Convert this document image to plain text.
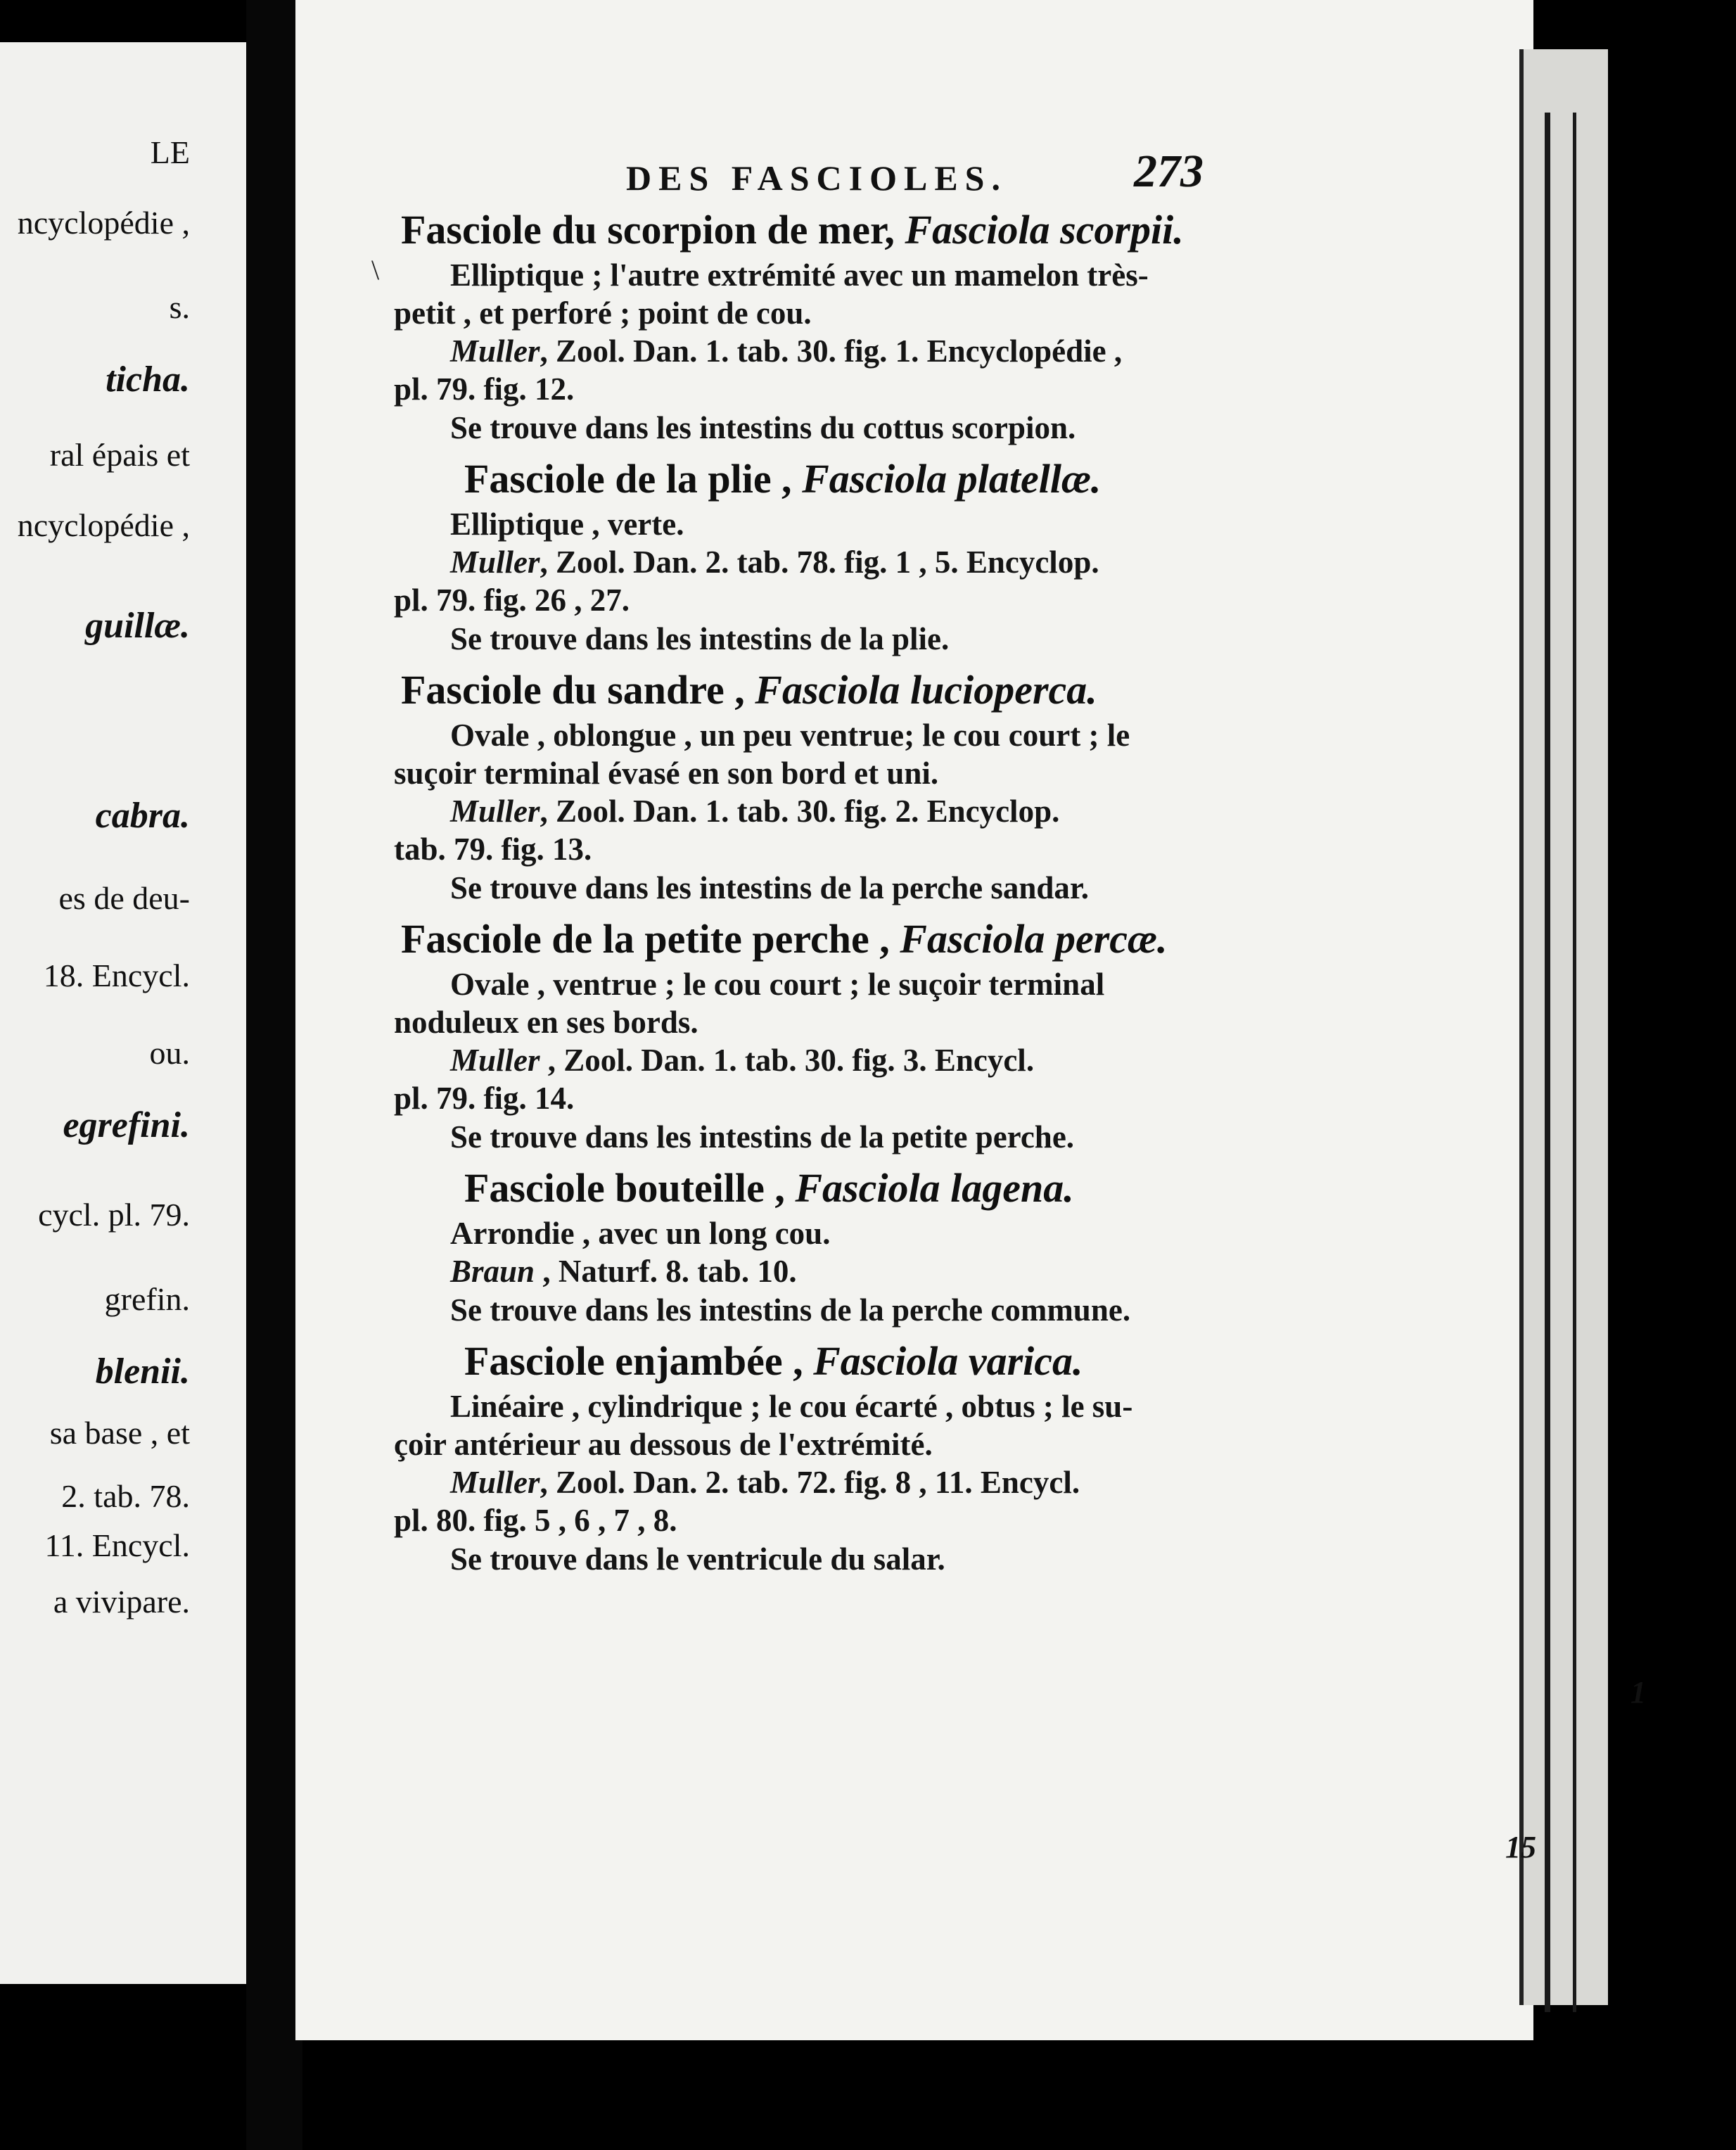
LE
ncyclopédie ,
s.
ticha.
ral épais et
ncyclopédie ,
guillæ.
cabra.
es de deu-
18. Encycl.
ou.
egrefini.
cycl. pl. 79.
grefin.
blenii.
sa base , et
2. tab. 78.
11. Encycl.
a vivipare.
DES FASCIOLES.	273
\
Fasciole du scorpion de mer, Fasciola scorpii.
Elliptique ; l'autre extrémité avec un mamelon très-
petit , et perforé ; point de cou.
Muller, Zool. Dan. 1. tab. 30. fig. 1. Encyclopédie ,
pl. 79. fig. 12.
Se trouve dans les intestins du cottus scorpion.
Fasciole de la plie , Fasciola platellæ.
Elliptique , verte.
Muller, Zool. Dan. 2. tab. 78. fig. 1 , 5. Encyclop.
pl. 79. fig. 26 , 27.
Se trouve dans les intestins de la plie.
Fasciole du sandre , Fasciola lucioperca.
Ovale , oblongue , un peu ventrue; le cou court ; le
suçoir terminal évasé en son bord et uni.
Muller, Zool. Dan. 1. tab. 30. fig. 2. Encyclop.
tab. 79. fig. 13.
Se trouve dans les intestins de la perche sandar.
Fasciole de la petite perche , Fasciola percæ.
Ovale , ventrue ; le cou court ; le suçoir terminal
noduleux en ses bords.
Muller , Zool. Dan. 1. tab. 30. fig. 3. Encycl.
pl. 79. fig. 14.
Se trouve dans les intestins de la petite perche.
Fasciole bouteille , Fasciola lagena.
Arrondie , avec un long cou.
Braun , Naturf. 8. tab. 10.
Se trouve dans les intestins de la perche commune.
Fasciole enjambée , Fasciola varica.
Linéaire , cylindrique ; le cou écarté , obtus ; le su-
çoir antérieur au dessous de l'extrémité.
Muller, Zool. Dan. 2. tab. 72. fig. 8 , 11. Encycl.
pl. 80. fig. 5 , 6 , 7 , 8.
Se trouve dans le ventricule du salar.
1
15
